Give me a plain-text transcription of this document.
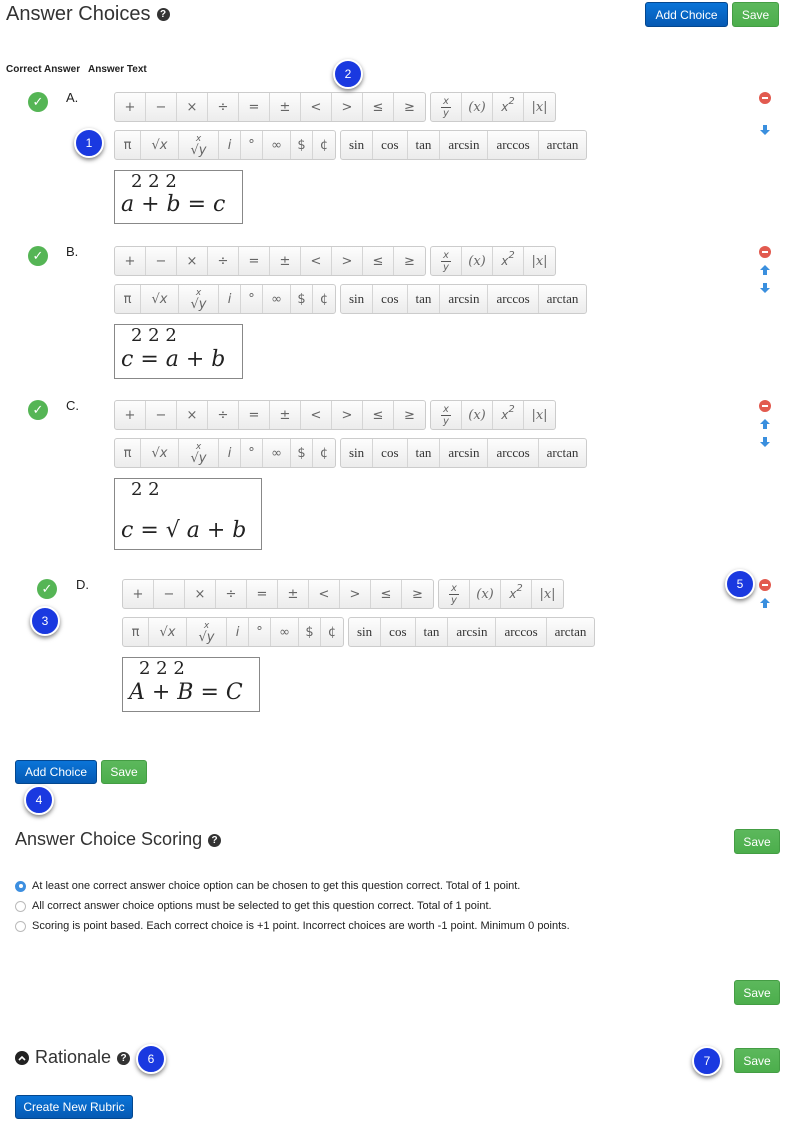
Answer Choices ?	Add Choice	Save
Correct Answer Answer Text
✓	A.
+	−	×	÷	=	±	<	>	≤	≥	$\frac{x}{y}$	(x)	$x^2$	|x|
π	√x	x
√y	i	°	∞	$	¢	sin	cos	tan	arcsin	arccos	arctan
2 2 2
a + b = c
✓	B.
+	−	×	÷	=	±	<	>	≤	≥	$\frac{x}{y}$	(x)	$x^2$	|x|
π	√x	x
√y	i	°	∞	$	¢	sin	cos	tan	arcsin	arccos	arctan
2 2 2
c = a + b
✓	C.
+	−	×	÷	=	±	<	>	≤	≥	$\frac{x}{y}$	(x)	$x^2$	|x|
π	√x	x
√y	i	°	∞	$	¢	sin	cos	tan	arcsin	arccos	arctan
2 2
c = √ a + b
✓	D.
+	−	×	÷	=	±	<	>	≤	≥	$\frac{x}{y}$	(x)	$x^2$	|x|
π	√x	x
√y	i	°	∞	$	¢	sin	cos	tan	arcsin	arccos	arctan
2 2 2
A + B = C
Add Choice	Save
Answer Choice Scoring ?	Save
At least one correct answer choice option can be chosen to get this question correct. Total of 1 point.
All correct answer choice options must be selected to get this question correct. Total of 1 point.
Scoring is point based. Each correct choice is +1 point. Incorrect choices are worth -1 point. Minimum 0 points.
Save
Rationale ?	Save
Create New Rubric
1
2
3
4
5
6	7
